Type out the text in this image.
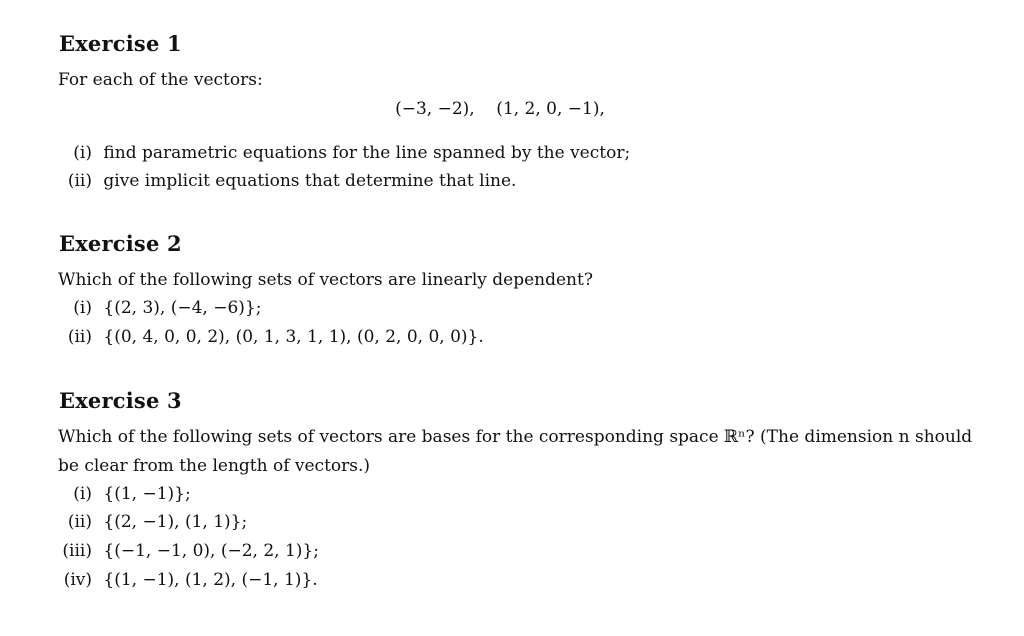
Exercise 1
For each of the vectors:
(−3, −2),    (1, 2, 0, −1),
(i) find parametric equations for the line spanned by the vector;
(ii) give implicit equations that determine that line.
Exercise 2
Which of the following sets of vectors are linearly dependent?
(i) {(2, 3), (−4, −6)};
(ii) {(0, 4, 0, 0, 2), (0, 1, 3, 1, 1), (0, 2, 0, 0, 0)}.
Exercise 3
Which of the following sets of vectors are bases for the corresponding space ℝⁿ? (The dimension n should
be clear from the length of vectors.)
(i) {(1, −1)};
(ii) {(2, −1), (1, 1)};
(iii) {(−1, −1, 0), (−2, 2, 1)};
(iv) {(1, −1), (1, 2), (−1, 1)}.
